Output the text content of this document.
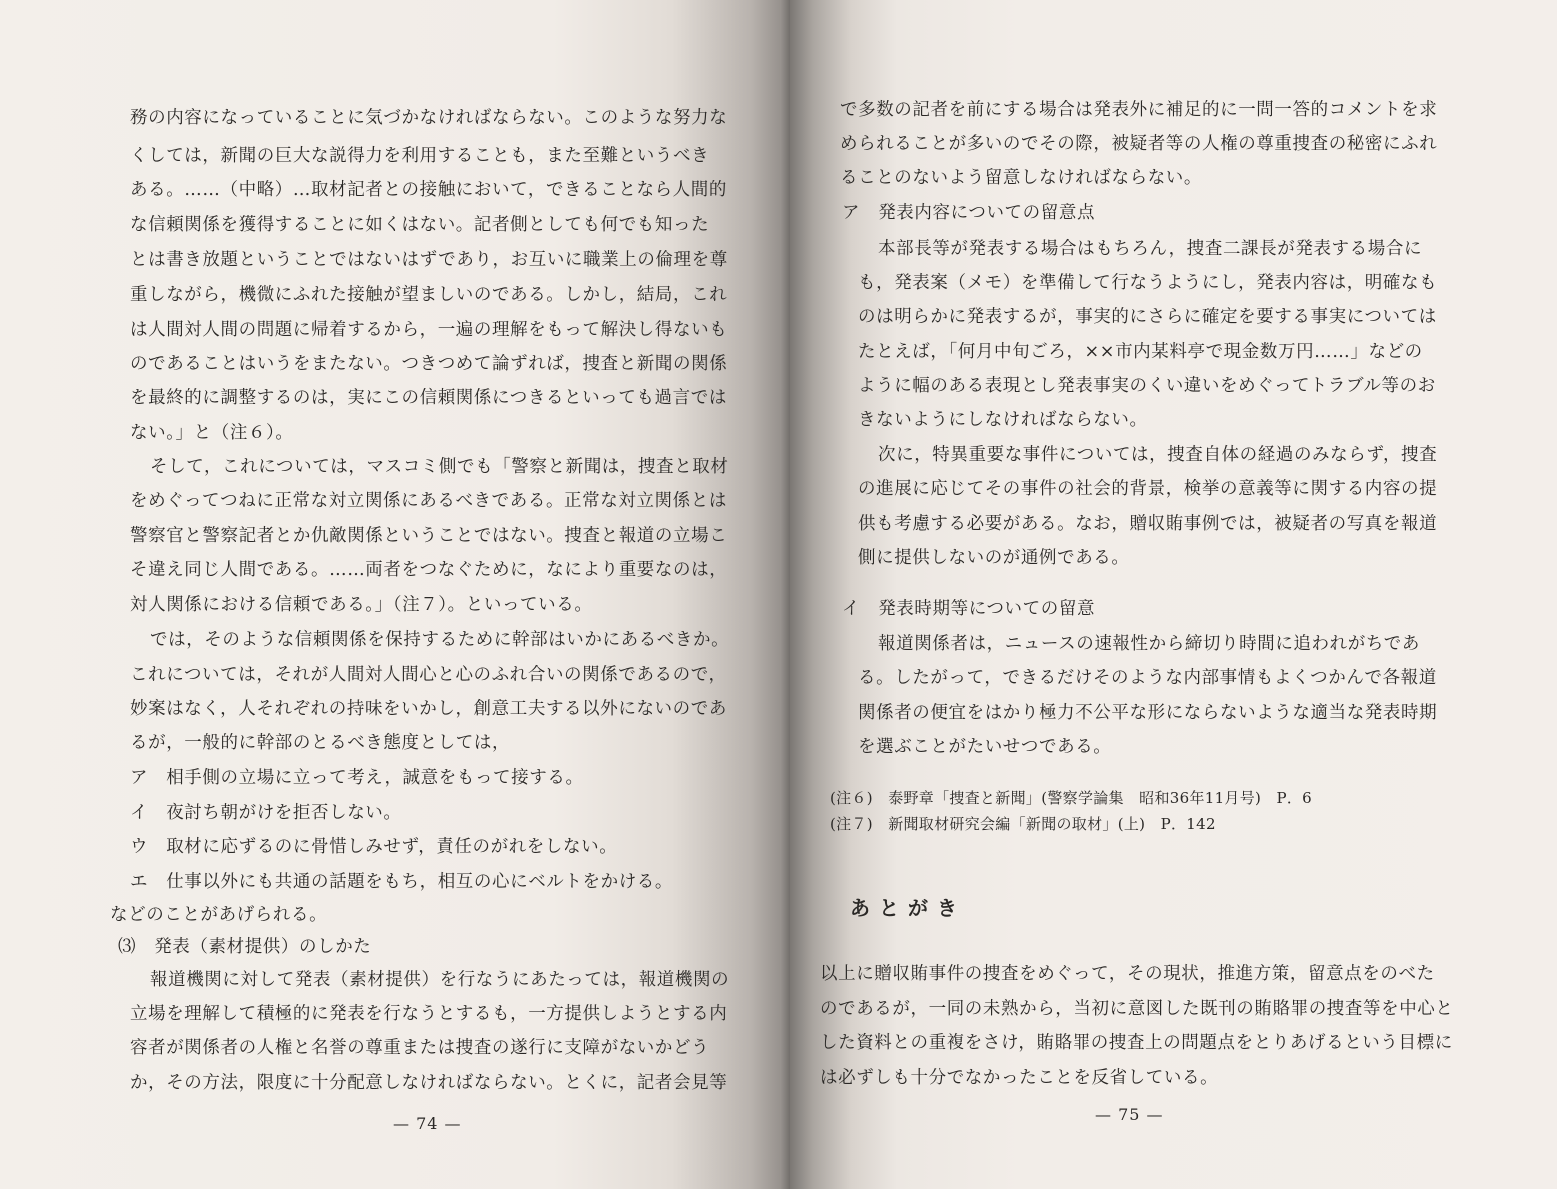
務の内容になっていることに気づかなければならない。このような努力な
くしては，新聞の巨大な説得力を利用することも，また至難というべき
ある。……（中略）…取材記者との接触において，できることなら人間的
な信頼関係を獲得することに如くはない。記者側としても何でも知った
とは書き放題ということではないはずであり，お互いに職業上の倫理を尊
重しながら，機微にふれた接触が望ましいのである。しかし，結局，これ
は人間対人間の問題に帰着するから，一遍の理解をもって解決し得ないも
のであることはいうをまたない。つきつめて論ずれば，捜査と新聞の関係
を最終的に調整するのは，実にこの信頼関係につきるといっても過言では
ない。」と（注６）。
そして，これについては，マスコミ側でも「警察と新聞は，捜査と取材
をめぐってつねに正常な対立関係にあるべきである。正常な対立関係とは
警察官と警察記者とか仇敵関係ということではない。捜査と報道の立場こ
そ違え同じ人間である。……両者をつなぐために，なにより重要なのは，
対人関係における信頼である。」（注７）。といっている。
では，そのような信頼関係を保持するために幹部はいかにあるべきか。
これについては，それが人間対人間心と心のふれ合いの関係であるので，
妙案はなく，人それぞれの持味をいかし，創意工夫する以外にないのであ
るが，一般的に幹部のとるべき態度としては，
ア　相手側の立場に立って考え，誠意をもって接する。
イ　夜討ち朝がけを拒否しない。
ウ　取材に応ずるのに骨惜しみせず，責任のがれをしない。
エ　仕事以外にも共通の話題をもち，相互の心にベルトをかける。
などのことがあげられる。
⑶　発表（素材提供）のしかた
報道機関に対して発表（素材提供）を行なうにあたっては，報道機関の
立場を理解して積極的に発表を行なうとするも，一方提供しようとする内
容者が関係者の人権と名誉の尊重または捜査の遂行に支障がないかどう
か，その方法，限度に十分配意しなければならない。とくに，記者会見等
— 74 —
で多数の記者を前にする場合は発表外に補足的に一問一答的コメントを求
められることが多いのでその際，被疑者等の人権の尊重捜査の秘密にふれ
ることのないよう留意しなければならない。
ア　発表内容についての留意点
本部長等が発表する場合はもちろん，捜査二課長が発表する場合に
も，発表案（メモ）を準備して行なうようにし，発表内容は，明確なも
のは明らかに発表するが，事実的にさらに確定を要する事実については
たとえば，「何月中旬ごろ，××市内某料亭で現金数万円……」などの
ように幅のある表現とし発表事実のくい違いをめぐってトラブル等のお
きないようにしなければならない。
次に，特異重要な事件については，捜査自体の経過のみならず，捜査
の進展に応じてその事件の社会的背景，検挙の意義等に関する内容の提
供も考慮する必要がある。なお，贈収賄事例では，被疑者の写真を報道
側に提供しないのが通例である。
イ　発表時期等についての留意
報道関係者は，ニュースの速報性から締切り時間に追われがちであ
る。したがって，できるだけそのような内部事情もよくつかんで各報道
関係者の便宜をはかり極力不公平な形にならないような適当な発表時期
を選ぶことがたいせつである。
(注６)　泰野章「捜査と新聞」(警察学論集　昭和36年11月号)　P．6
(注７)　新聞取材研究会編「新聞の取材」(上)　P．142
あとがき
以上に贈収賄事件の捜査をめぐって，その現状，推進方策，留意点をのべた
のであるが，一同の未熟から，当初に意図した既刊の賄賂罪の捜査等を中心と
した資料との重複をさけ，賄賂罪の捜査上の問題点をとりあげるという目標に
は必ずしも十分でなかったことを反省している。
— 75 —
